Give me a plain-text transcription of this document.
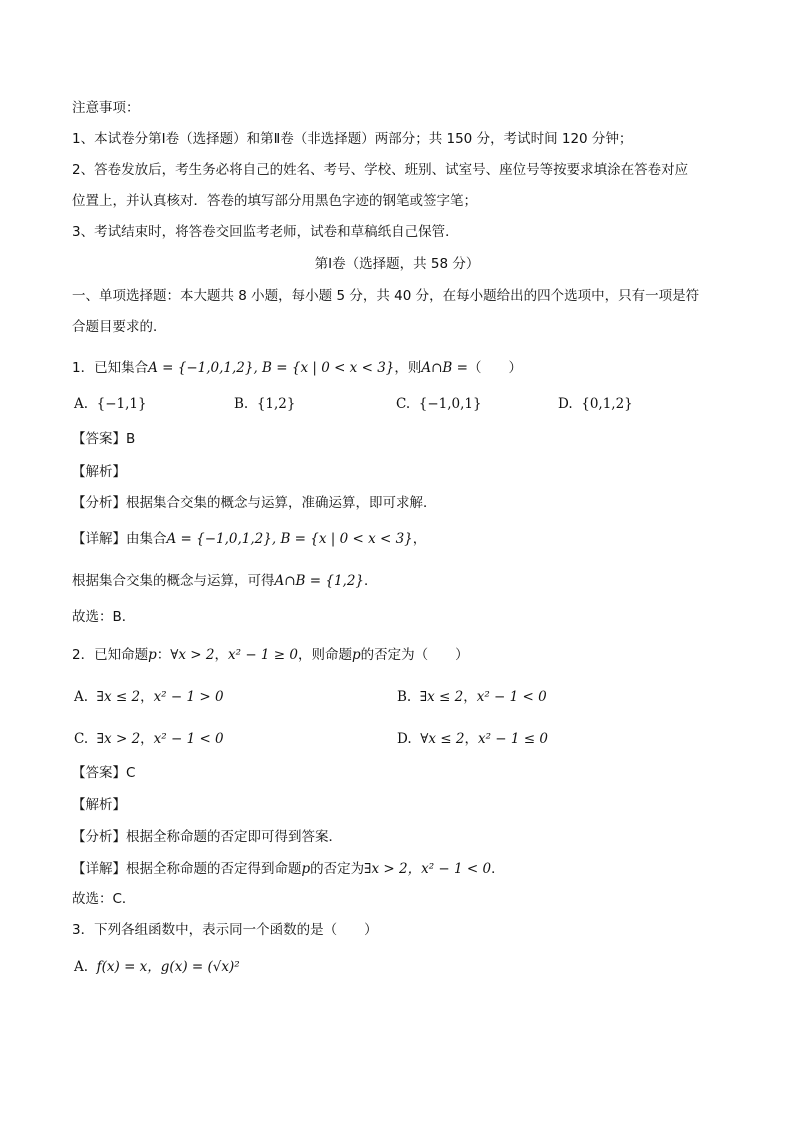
注意事项：
1、本试卷分第Ⅰ卷（选择题）和第Ⅱ卷（非选择题）两部分；共 150 分，考试时间 120 分钟；
2、答卷发放后，考生务必将自己的姓名、考号、学校、班别、试室号、座位号等按要求填涂在答卷对应
位置上，并认真核对．答卷的填写部分用黑色字迹的钢笔或签字笔；
3、考试结束时，将答卷交回监考老师，试卷和草稿纸自己保管．
第Ⅰ卷（选择题，共 58 分）
一、单项选择题：本大题共 8 小题，每小题 5 分，共 40 分，在每小题给出的四个选项中，只有一项是符
合题目要求的．
1．已知集合A = {−1,0,1,2}, B = {x | 0 < x < 3}，则A∩B =（　　）
A. {−1,1}	B. {1,2}	C. {−1,0,1}	D. {0,1,2}
【答案】B
【解析】
【分析】根据集合交集的概念与运算，准确运算，即可求解．
【详解】由集合A = {−1,0,1,2}, B = {x | 0 < x < 3}，
根据集合交集的概念与运算，可得A∩B = {1,2}．
故选：B．
2．已知命题p：∀x > 2，x² − 1 ≥ 0，则命题p的否定为（　　）
A. ∃x ≤ 2，x² − 1 > 0	B. ∃x ≤ 2，x² − 1 < 0
C. ∃x > 2，x² − 1 < 0	D. ∀x ≤ 2，x² − 1 ≤ 0
【答案】C
【解析】
【分析】根据全称命题的否定即可得到答案．
【详解】根据全称命题的否定得到命题p的否定为∃x > 2，x² − 1 < 0．
故选：C．
3．下列各组函数中，表示同一个函数的是（　　）
A. f(x) = x，g(x) = (√x)²
